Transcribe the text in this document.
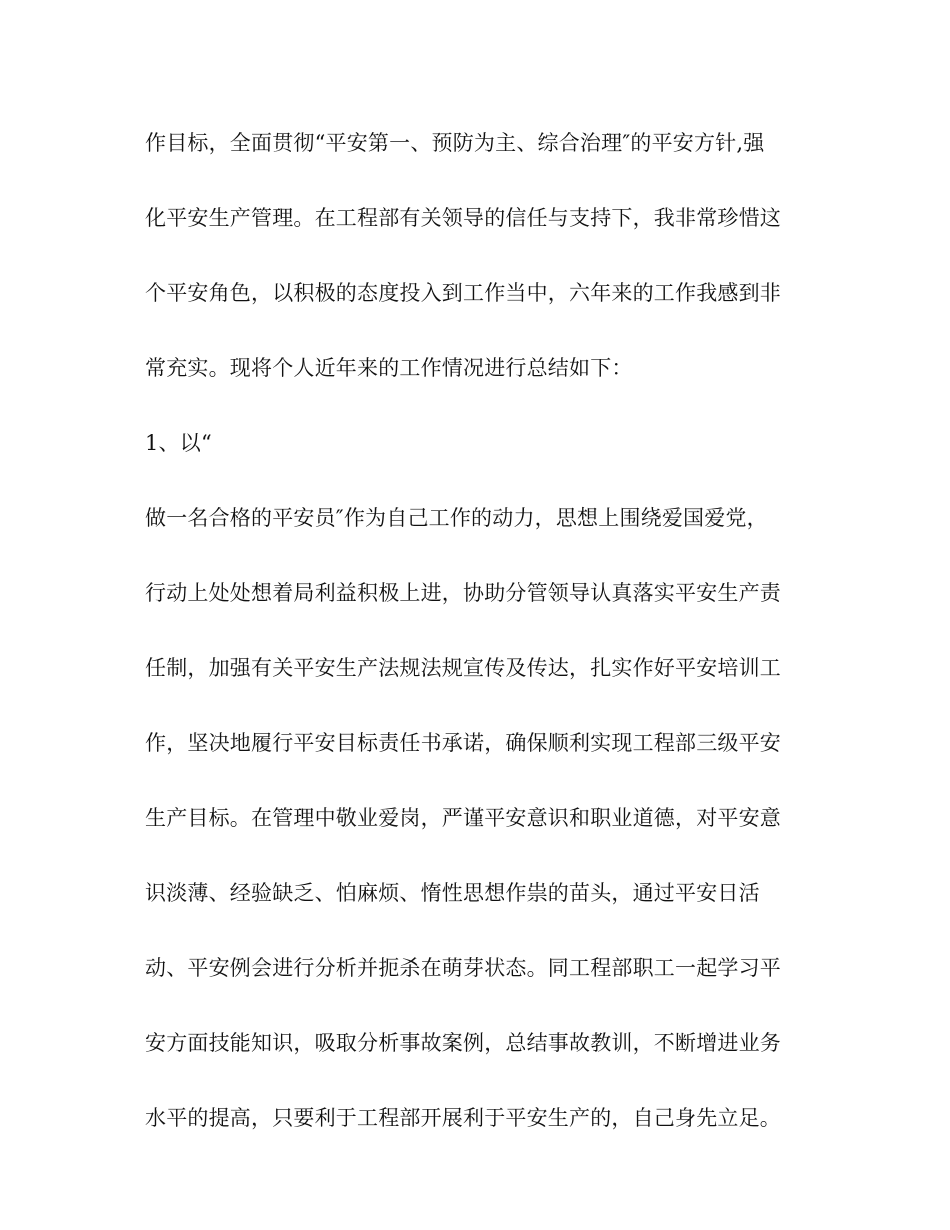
作目标，全面贯彻“平安第一、预防为主、综合治理″的平安方针,强
化平安生产管理。在工程部有关领导的信任与支持下，我非常珍惜这
个平安角色，以积极的态度投入到工作当中，六年来的工作我感到非
常充实。现将个人近年来的工作情况进行总结如下：
1、以“
做一名合格的平安员″作为自己工作的动力，思想上围绕爱国爱党，
行动上处处想着局利益积极上进，协助分管领导认真落实平安生产责
任制，加强有关平安生产法规法规宣传及传达，扎实作好平安培训工
作，坚决地履行平安目标责任书承诺，确保顺利实现工程部三级平安
生产目标。在管理中敬业爱岗，严谨平安意识和职业道德，对平安意
识淡薄、经验缺乏、怕麻烦、惰性思想作祟的苗头，通过平安日活
动、平安例会进行分析并扼杀在萌芽状态。同工程部职工一起学习平
安方面技能知识，吸取分析事故案例，总结事故教训，不断增进业务
水平的提高，只要利于工程部开展利于平安生产的，自己身先立足。
